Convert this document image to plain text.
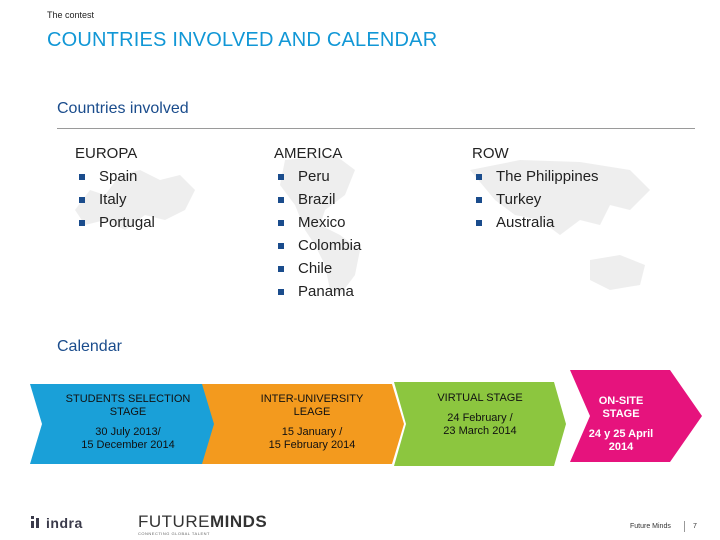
The contest
COUNTRIES INVOLVED AND CALENDAR
Countries involved
EUROPA
Spain
Italy
Portugal
AMERICA
Peru
Brazil
Mexico
Colombia
Chile
Panama
ROW
The Philippines
Turkey
Australia
Calendar
STUDENTS SELECTION STAGE
30 July 2013/
15 December 2014
INTER-UNIVERSITY LEAGE
15 January /
15 February 2014
VIRTUAL STAGE
24 February /
23 March 2014
ON-SITE STAGE
24 y 25 April
2014
indra	FUTUREMINDS
CONNECTING GLOBAL TALENT
Future Minds	7
